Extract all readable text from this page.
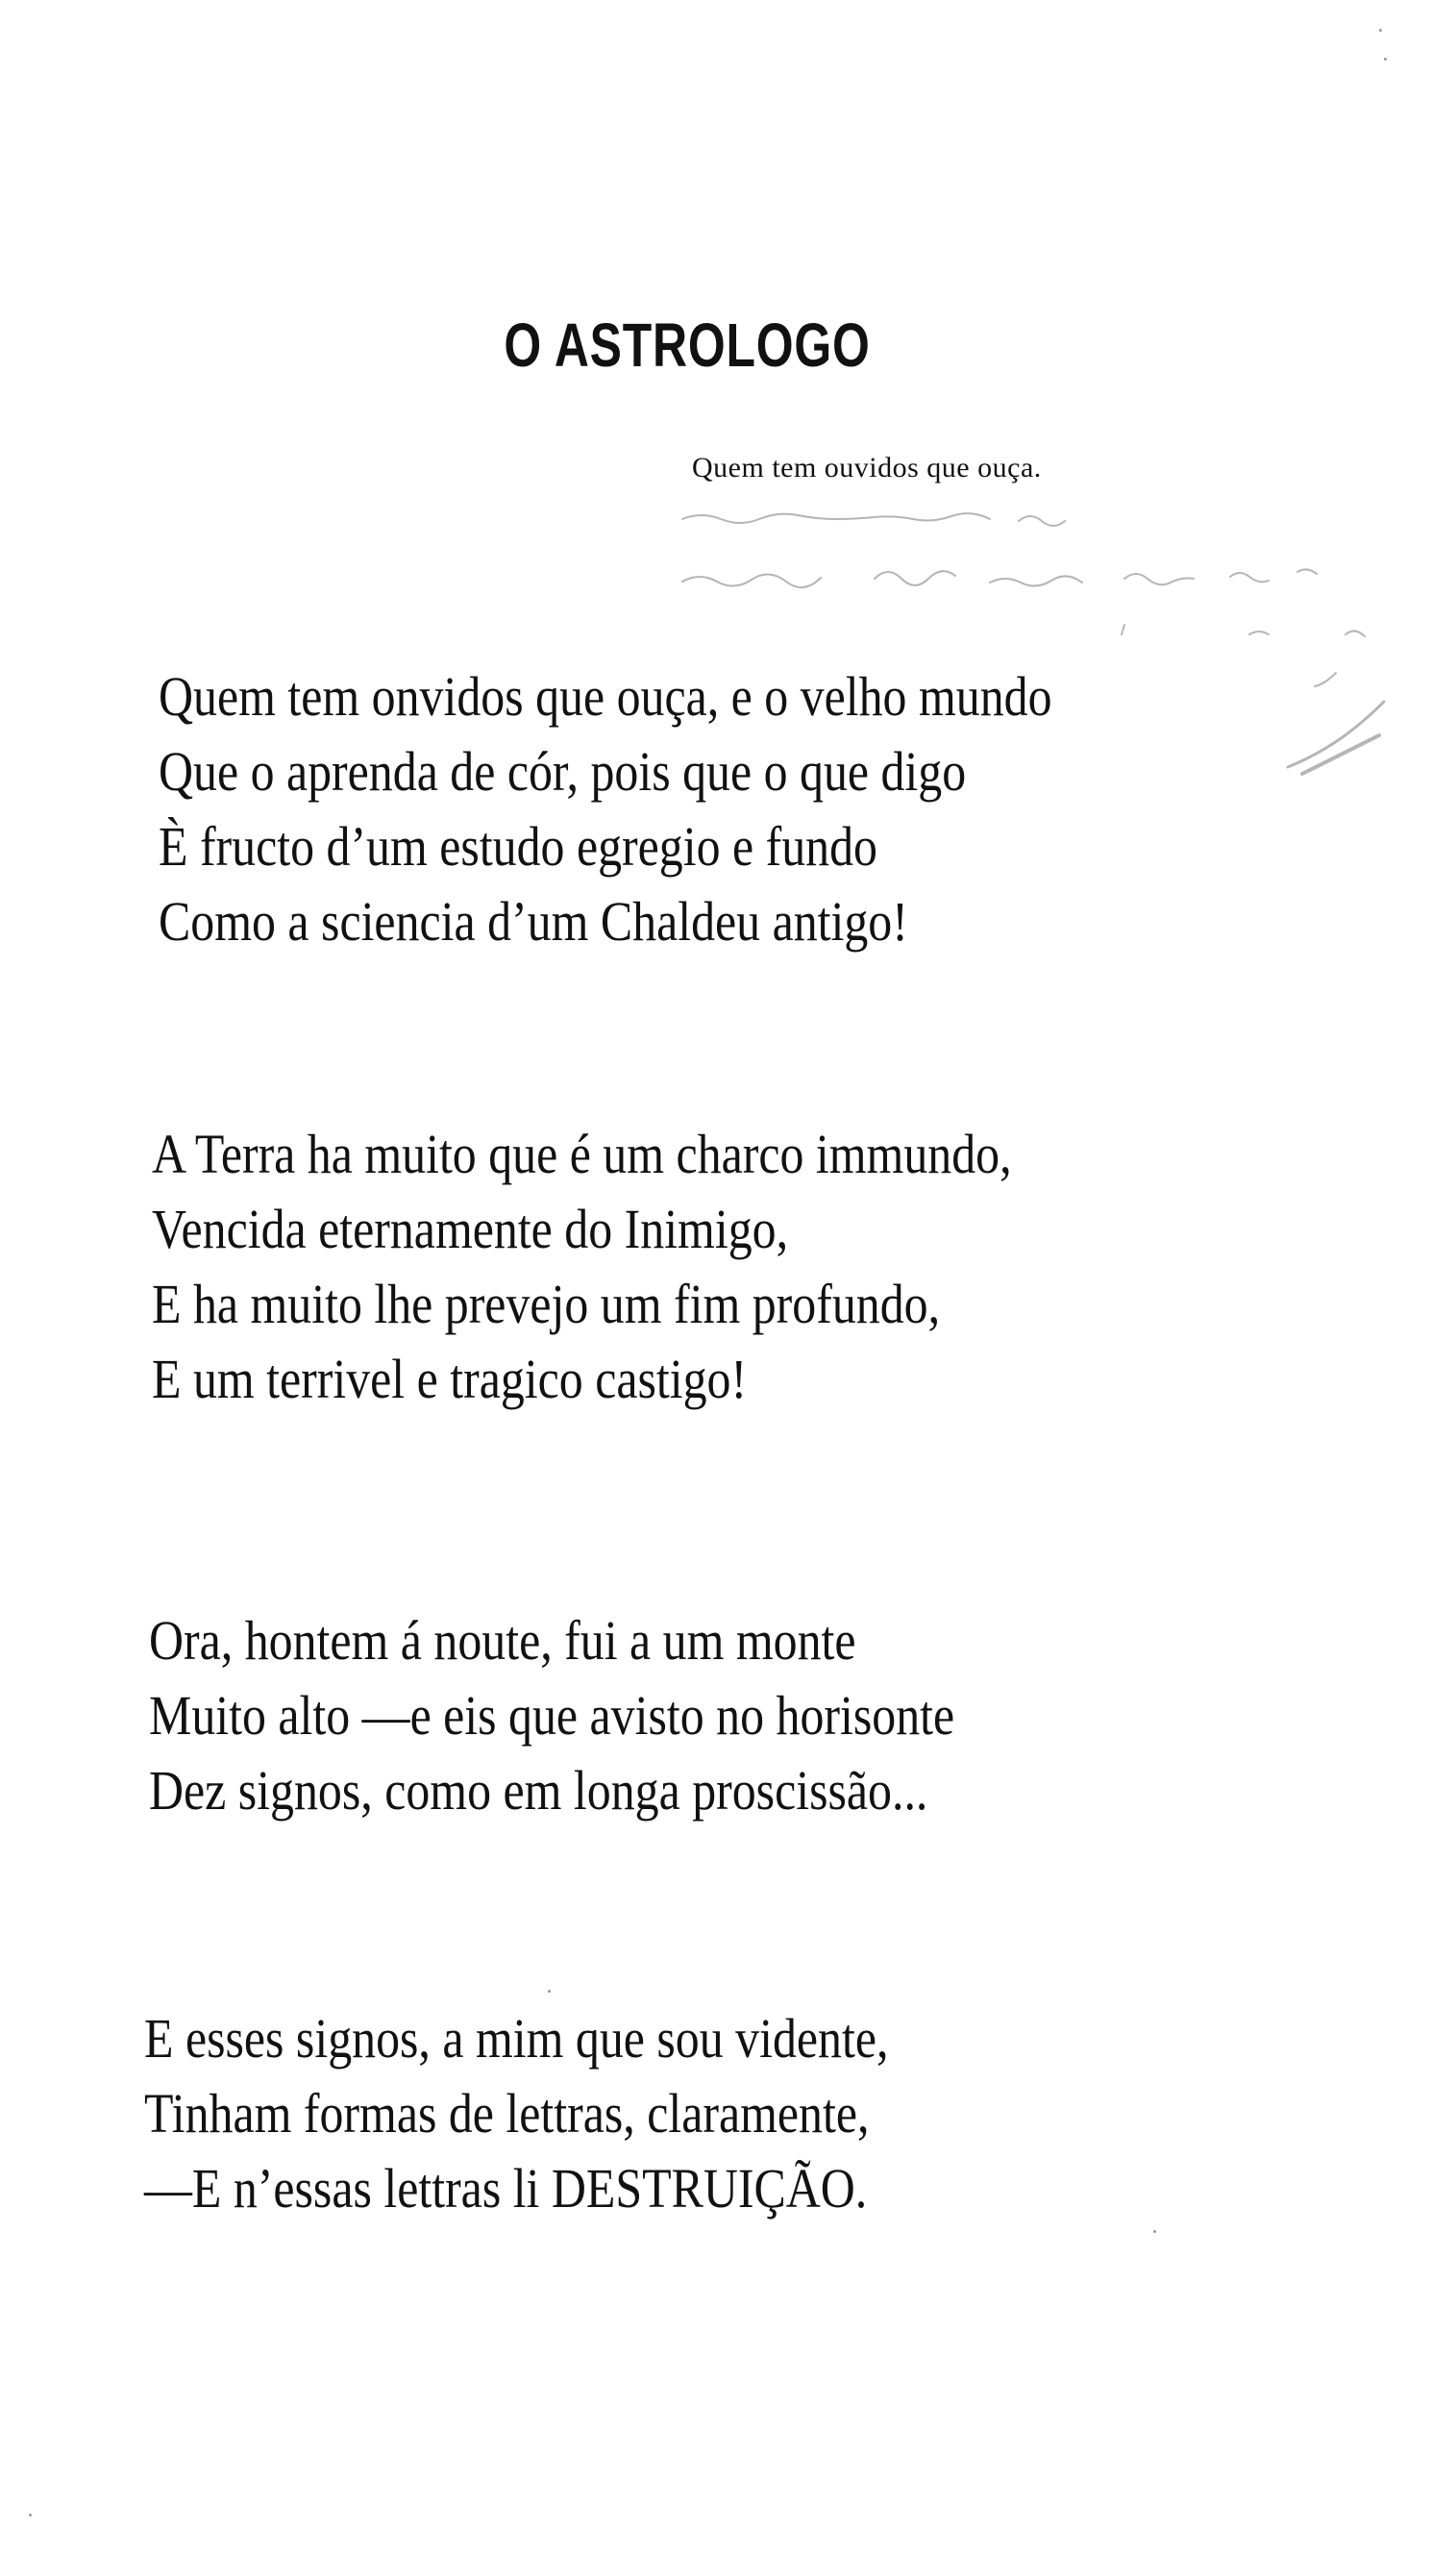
O ASTROLOGO
Quem tem ouvidos que ouça.
Quem tem onvidos que ouça, e o velho mundo
Que o aprenda de cór, pois que o que digo
È fructo d’um estudo egregio e fundo
Como a sciencia d’um Chaldeu antigo!
A Terra ha muito que é um charco immundo,
Vencida eternamente do Inimigo,
E ha muito lhe prevejo um fim profundo,
E um terrivel e tragico castigo!
Ora, hontem á noute, fui a um monte
Muito alto —e eis que avisto no horisonte
Dez signos, como em longa proscissão...
E esses signos, a mim que sou vidente,
Tinham formas de lettras, claramente,
—E n’essas lettras li DESTRUIÇÃO.
